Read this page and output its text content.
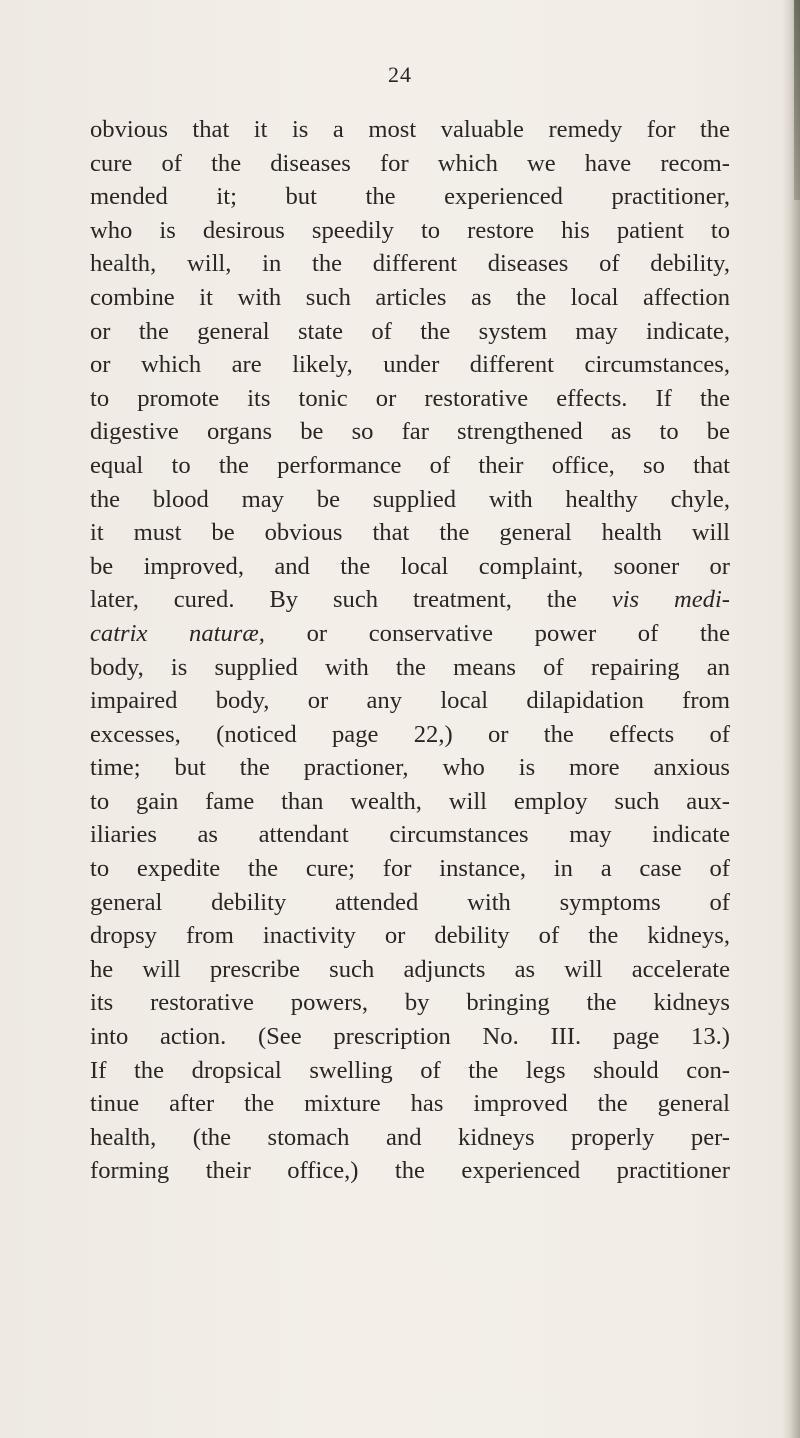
24
obvious that it is a most valuable remedy for the
cure of the diseases for which we have recom-
mended it; but the experienced practitioner,
who is desirous speedily to restore his patient to
health, will, in the different diseases of debility,
combine it with such articles as the local affection
or the general state of the system may indicate,
or which are likely, under different circumstances,
to promote its tonic or restorative effects. If the
digestive organs be so far strengthened as to be
equal to the performance of their office, so that
the blood may be supplied with healthy chyle,
it must be obvious that the general health will
be improved, and the local complaint, sooner or
later, cured. By such treatment, the vis medi-
catrix naturæ, or conservative power of the
body, is supplied with the means of repairing an
impaired body, or any local dilapidation from
excesses, (noticed page 22,) or the effects of
time; but the practioner, who is more anxious
to gain fame than wealth, will employ such aux-
iliaries as attendant circumstances may indicate
to expedite the cure; for instance, in a case of
general debility attended with symptoms of
dropsy from inactivity or debility of the kidneys,
he will prescribe such adjuncts as will accelerate
its restorative powers, by bringing the kidneys
into action. (See prescription No. III. page 13.)
If the dropsical swelling of the legs should con-
tinue after the mixture has improved the general
health, (the stomach and kidneys properly per-
forming their office,) the experienced practitioner
